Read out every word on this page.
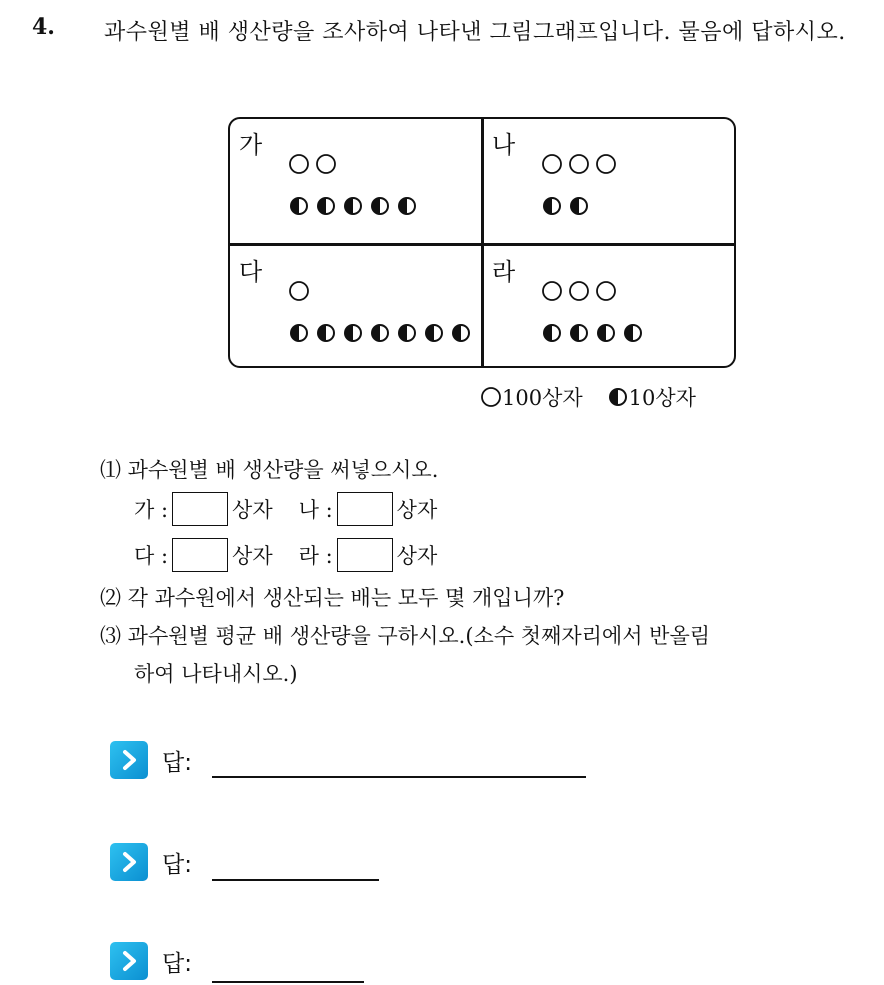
4. 과수원별 배 생산량을 조사하여 나타낸 그림그래프입니다. 물음에 답하시오.
가	나
다	라
100상자 10상자
⑴ 과수원별 배 생산량을 써넣으시오.
가 :	상자 나 :	상자
다 :	상자 라 :	상자
⑵ 각 과수원에서 생산되는 배는 모두 몇 개입니까?
⑶ 과수원별 평균 배 생산량을 구하시오.(소수 첫째자리에서 반올림
하여 나타내시오.)
답:
답:
답:
